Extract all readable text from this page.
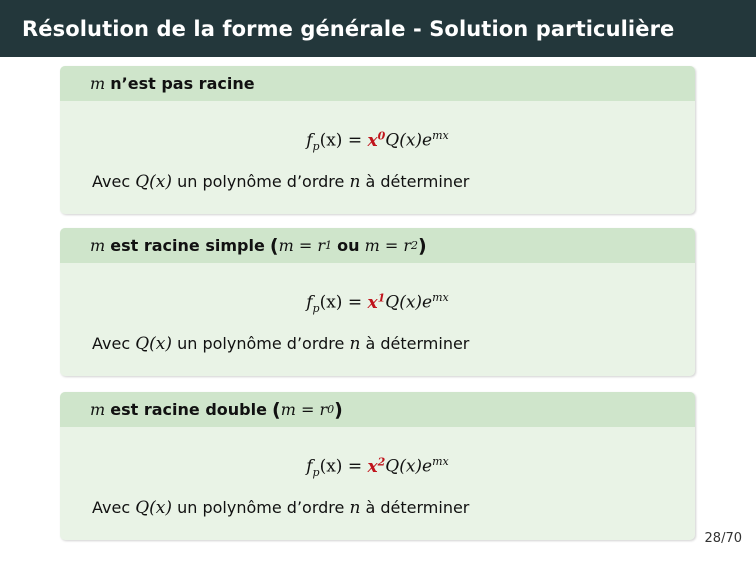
Résolution de la forme générale - Solution particulière
m
n’est pas racine
$f_p(x) = x^0Q(x)e^{mx}$
Avec Q(x) un polynôme d’ordre n à déterminer
m
est racine simple
( m = r 1
ou
m = r 2 )
$f_p(x) = x^1Q(x)e^{mx}$
Avec Q(x) un polynôme d’ordre n à déterminer
m
est racine double
( m = r 0 )
$f_p(x) = x^2Q(x)e^{mx}$
Avec Q(x) un polynôme d’ordre n à déterminer
28/70
